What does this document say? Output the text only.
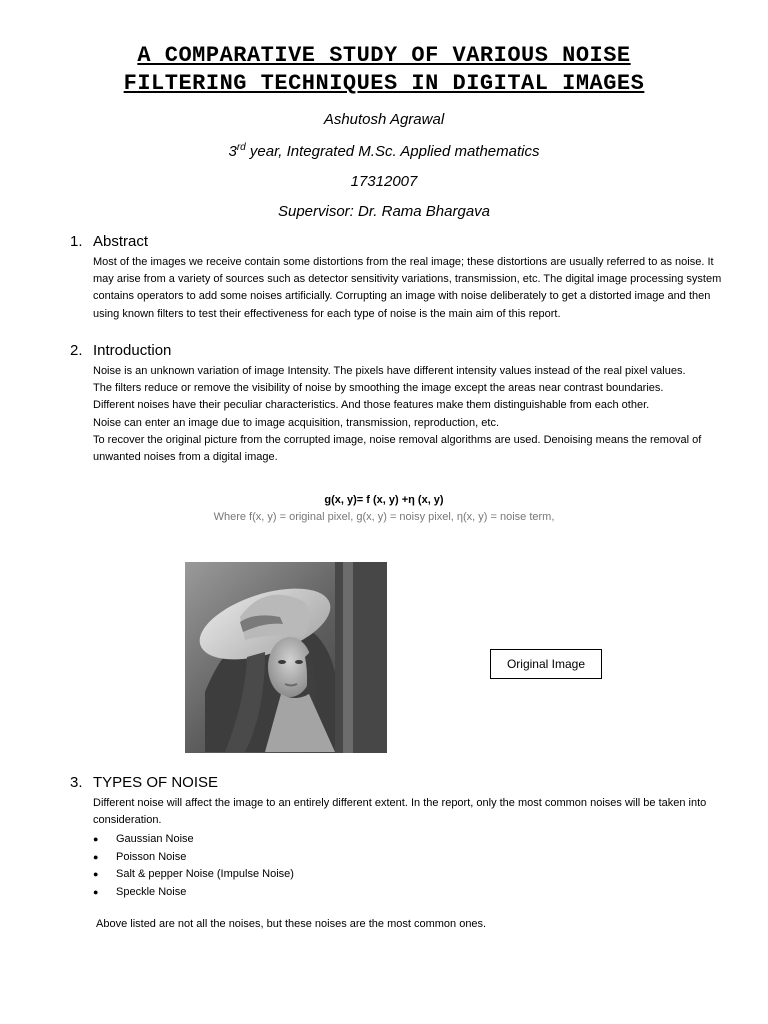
A COMPARATIVE STUDY OF VARIOUS NOISE
FILTERING TECHNIQUES IN DIGITAL IMAGES
Ashutosh Agrawal
3rd year, Integrated M.Sc. Applied mathematics
17312007
Supervisor: Dr. Rama Bhargava
1. Abstract

Most of the images we receive contain some distortions from the real image; these distortions are usually referred to as noise. It may arise from a variety of sources such as detector sensitivity variations, transmission, etc. The digital image processing system contains operators to add some noises artificially. Corrupting an image with noise deliberately to get a distorted image and then using known filters to test their effectiveness for each type of noise is the main aim of this report.

2. Introduction

Noise is an unknown variation of image Intensity. The pixels have different intensity values instead of the real pixel values.

The filters reduce or remove the visibility of noise by smoothing the image except the areas near contrast boundaries.

Different noises have their peculiar characteristics. And those features make them distinguishable from each other.

Noise can enter an image due to image acquisition, transmission, reproduction, etc.

To recover the original picture from the corrupted image, noise removal algorithms are used. Denoising means the removal of unwanted noises from a digital image.

g(x, y)= f (x, y) +η (x, y)
Where f(x, y) = original pixel, g(x, y) = noisy pixel, η(x, y) = noise term,
Original Image
3. TYPES OF NOISE

Different noise will affect the image to an entirely different extent. In the report, only the most common noises will be taken into consideration.

● Gaussian Noise
● Poisson Noise
● Salt & pepper Noise (Impulse Noise)
● Speckle Noise
Above listed are not all the noises, but these noises are the most common ones.
